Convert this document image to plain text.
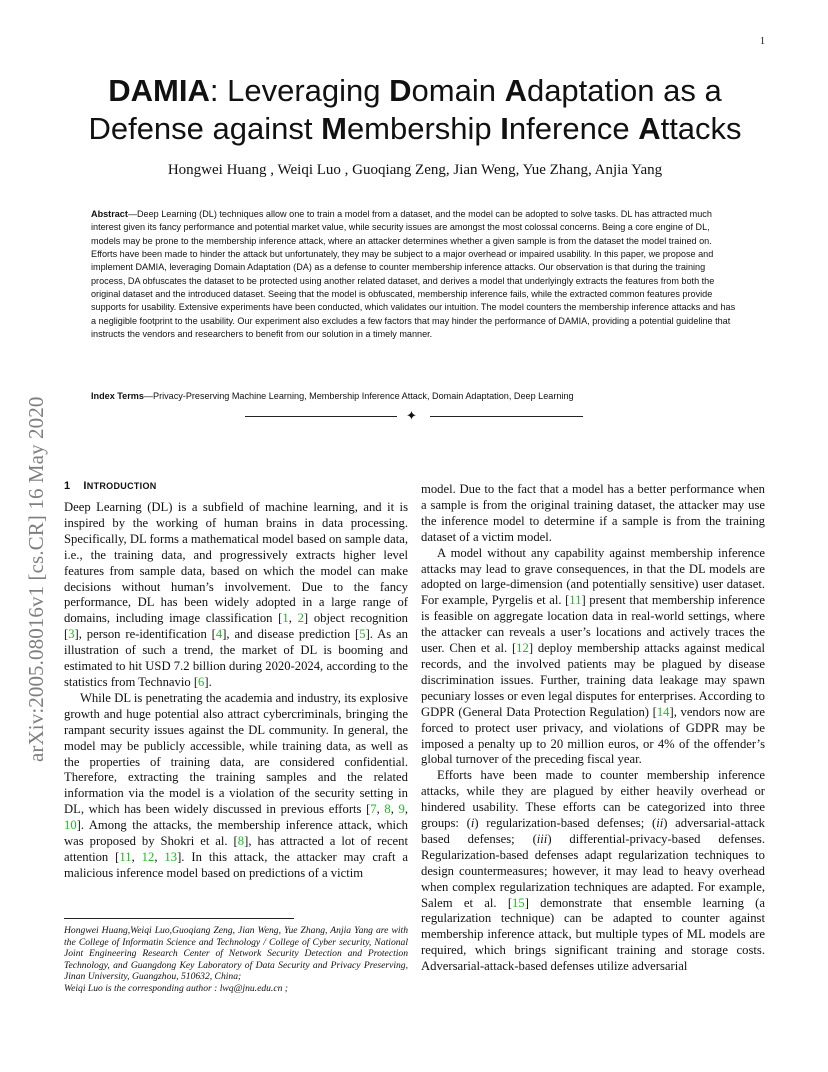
1
arXiv:2005.08016v1 [cs.CR] 16 May 2020
DAMIA: Leveraging Domain Adaptation as a
Defense against Membership Inference Attacks
Hongwei Huang , Weiqi Luo , Guoqiang Zeng, Jian Weng, Yue Zhang, Anjia Yang
Abstract—Deep Learning (DL) techniques allow one to train a model from a dataset, and the model can be adopted to solve tasks. DL has attracted much interest given its fancy performance and potential market value, while security issues are amongst the most colossal concerns. Being a core engine of DL, models may be prone to the membership inference attack, where an attacker determines whether a given sample is from the dataset the model trained on. Efforts have been made to hinder the attack but unfortunately, they may be subject to a major overhead or impaired usability. In this paper, we propose and implement DAMIA, leveraging Domain Adaptation (DA) as a defense to counter membership inference attacks. Our observation is that during the training process, DA obfuscates the dataset to be protected using another related dataset, and derives a model that underlyingly extracts the features from both the original dataset and the introduced dataset. Seeing that the model is obfuscated, membership inference fails, while the extracted common features provide supports for usability. Extensive experiments have been conducted, which validates our intuition. The model counters the membership inference attacks and has a negligible footprint to the usability. Our experiment also excludes a few factors that may hinder the performance of DAMIA, providing a potential guideline that instructs the vendors and researchers to benefit from our solution in a timely manner.
Index Terms—Privacy-Preserving Machine Learning, Membership Inference Attack, Domain Adaptation, Deep Learning
✦
1 INTRODUCTION

Deep Learning (DL) is a subfield of machine learning, and it is inspired by the working of human brains in data processing. Specifically, DL forms a mathematical model based on sample data, i.e., the training data, and progressively extracts higher level features from sample data, based on which the model can make decisions without human’s involvement. Due to the fancy performance, DL has been widely adopted in a large range of domains, including image classification [1, 2] object recognition [3], person re-identification [4], and disease prediction [5]. As an illustration of such a trend, the market of DL is booming and estimated to hit USD 7.2 billion during 2020-2024, according to the statistics from Technavio [6].

While DL is penetrating the academia and industry, its explosive growth and huge potential also attract cybercriminals, bringing the rampant security issues against the DL community. In general, the model may be publicly accessible, while training data, as well as the properties of training data, are considered confidential. Therefore, extracting the training samples and the related information via the model is a violation of the security setting in DL, which has been widely discussed in previous efforts [7, 8, 9, 10]. Among the attacks, the membership inference attack, which was proposed by Shokri et al. [8], has attracted a lot of recent attention [11, 12, 13]. In this attack, the attacker may craft a malicious inference model based on predictions of a victim

model. Due to the fact that a model has a better performance when a sample is from the original training dataset, the attacker may use the inference model to determine if a sample is from the training dataset of a victim model.

A model without any capability against membership inference attacks may lead to grave consequences, in that the DL models are adopted on large-dimension (and potentially sensitive) user dataset. For example, Pyrgelis et al. [11] present that membership inference is feasible on aggregate location data in real-world settings, where the attacker can reveals a user’s locations and actively traces the user. Chen et al. [12] deploy membership attacks against medical records, and the involved patients may be plagued by disease discrimination issues. Further, training data leakage may spawn pecuniary losses or even legal disputes for enterprises. According to GDPR (General Data Protection Regulation) [14], vendors now are forced to protect user privacy, and violations of GDPR may be imposed a penalty up to 20 million euros, or 4% of the offender’s global turnover of the preceding fiscal year.

Efforts have been made to counter membership inference attacks, while they are plagued by either heavily overhead or hindered usability. These efforts can be categorized into three groups: (i) regularization-based defenses; (ii) adversarial-attack based defenses; (iii) differential-privacy-based defenses. Regularization-based defenses adapt regularization techniques to design countermeasures; however, it may lead to heavy overhead when complex regularization techniques are adapted. For example, Salem et al. [15] demonstrate that ensemble learning (a regularization technique) can be adapted to counter against membership inference attack, but multiple types of ML models are required, which brings significant training and storage costs. Adversarial-attack-based defenses utilize adversarial

Hongwei Huang,Weiqi Luo,Guoqiang Zeng, Jian Weng, Yue Zhang, Anjia Yang are with the College of Informatin Science and Technology / College of Cyber security, National Joint Engineering Research Center of Network Security Detection and Protection Technology, and Guangdong Key Laboratory of Data Security and Privacy Preserving, Jinan University, Guangzhou, 510632, China;

Weiqi Luo is the corresponding author : lwq@jnu.edu.cn ;
